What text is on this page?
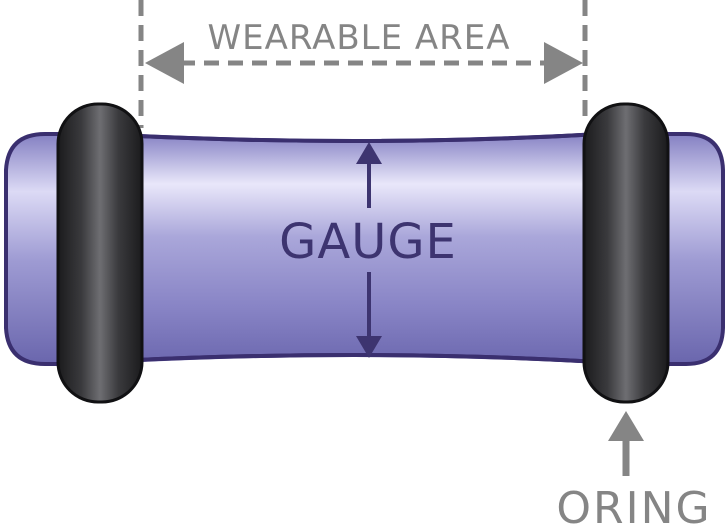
WEARABLE AREA
GAUGE
ORING
